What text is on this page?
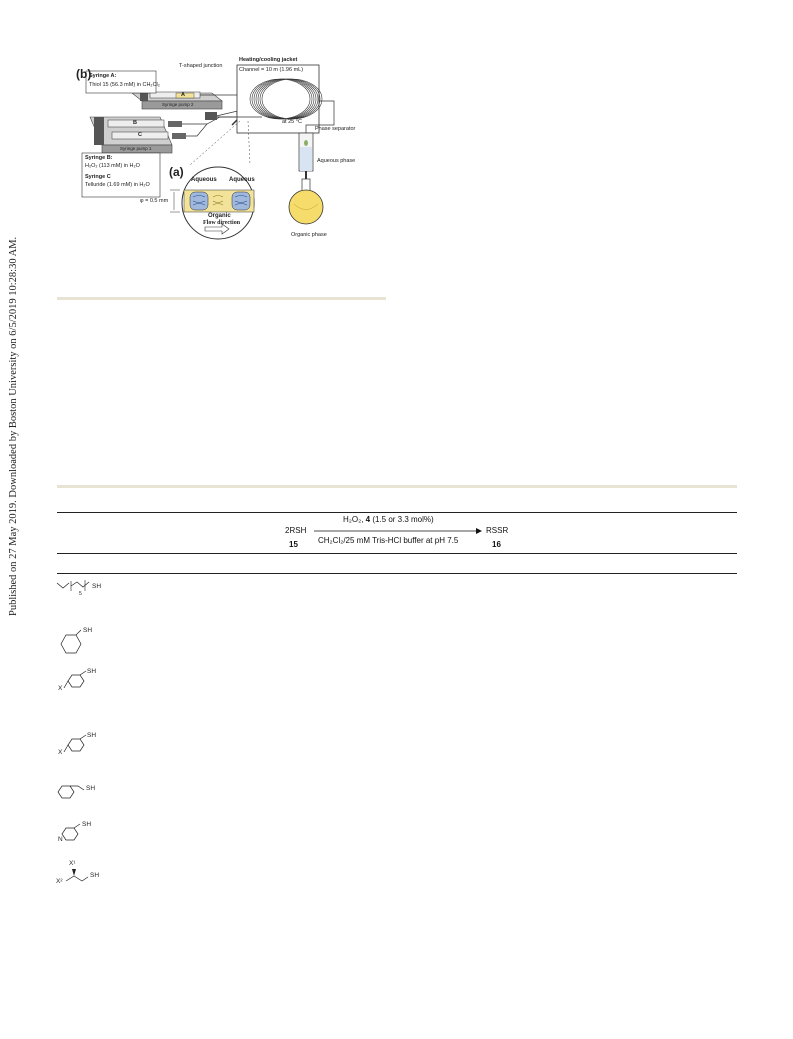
Published on 27 May 2019. Downloaded by Boston University on 6/5/2019 10:28:30 AM.
(b)
T-shaped junction
Heating/cooling jacket
Channel = 10 m (1.96 mL)
at 25 °C
Phase separator
Aqueous phase
Organic phase
Syringe A:
Thiol 15 (56.3 mM) in CH₂Cl₂
Syringe B:
H₂O₂ (113 mM) in H₂O
Syringe C
Telluride (1.69 mM) in H₂O
Syringe pump 2
Syringe pump 1
A
B
C
(a)
Aqueous Aqueous
Organic
Flow direction
φ = 0.5 mm
2RSH
15
H₂O₂, 4 (1.5 or 3.3 mol%)
CH₂Cl₂/25 mM Tris-HCl buffer at pH 7.5
RSSR
16
5
SH
SH
SH
X
SH
X
SH
SH
N
X¹
X²
SH
